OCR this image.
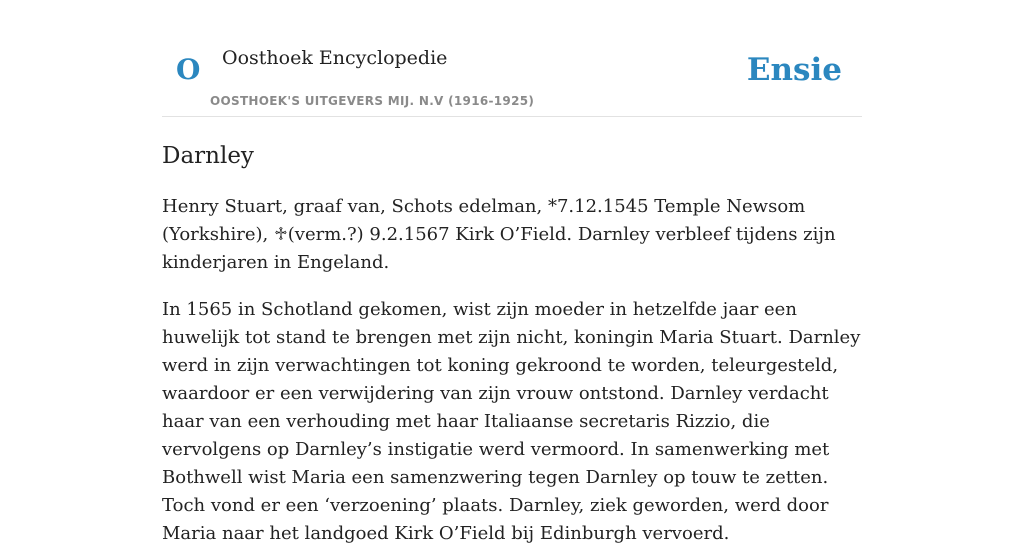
O Oosthoek Encyclopedie
OOSTHOEK'S UITGEVERS MIJ. N.V (1916-1925)
Ensie
Darnley

Henry Stuart, graaf van, Schots edelman, *7.12.1545 Temple Newsom (Yorkshire), ♱(verm.?) 9.2.1567 Kirk O’Field. Darnley verbleef tijdens zijn kinderjaren in Engeland.

In 1565 in Schotland gekomen, wist zijn moeder in hetzelfde jaar een huwelijk tot stand te brengen met zijn nicht, koningin Maria Stuart. Darnley werd in zijn verwachtingen tot koning gekroond te worden, teleurgesteld, waardoor er een verwijdering van zijn vrouw ontstond. Darnley verdacht haar van een verhouding met haar Italiaanse secretaris Rizzio, die vervolgens op Darnley’s instigatie werd vermoord. In samenwerking met Bothwell wist Maria een samenzwering tegen Darnley op touw te zetten. Toch vond er een ‘verzoening’ plaats. Darnley, ziek geworden, werd door Maria naar het landgoed Kirk O’Field bij Edinburgh vervoerd.
